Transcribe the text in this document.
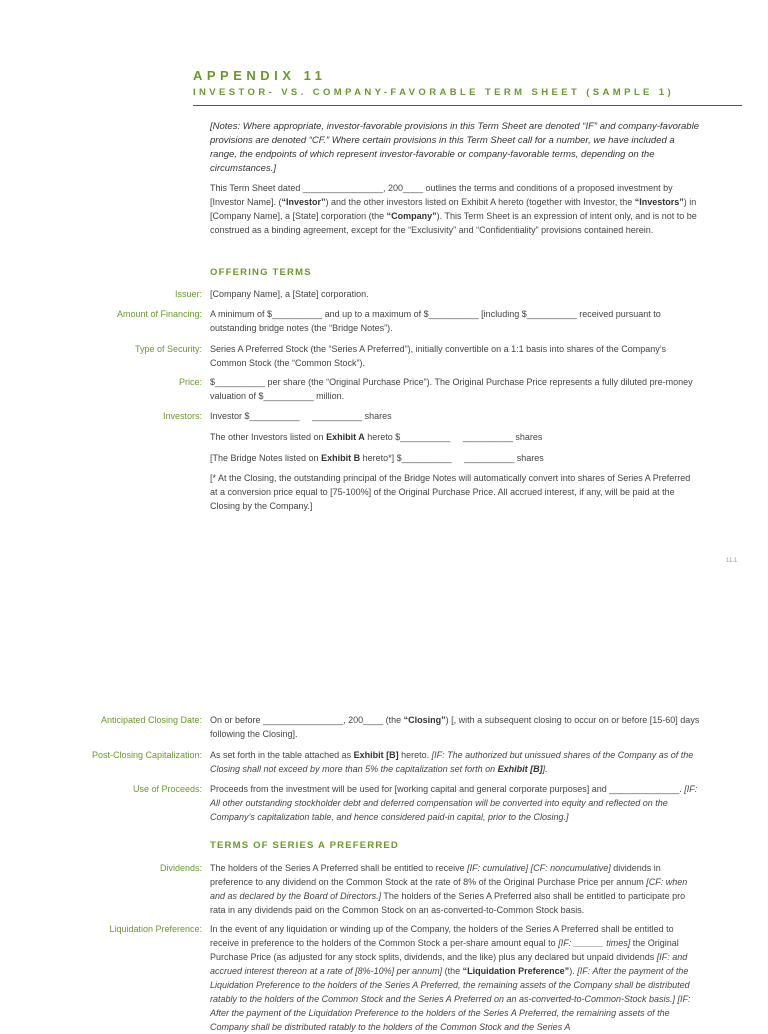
APPENDIX 11
INVESTOR- VS. COMPANY-FAVORABLE TERM SHEET (SAMPLE 1)

[Notes: Where appropriate, investor-favorable provisions in this Term Sheet are denoted “IF” and company-favorable provisions are denoted “CF.” Where certain provisions in this Term Sheet call for a number, we have included a range, the endpoints of which represent investor-favorable or company-favorable terms, depending on the circumstances.]

This Term Sheet dated ________________, 200____ outlines the terms and conditions of a proposed investment by [Investor Name]. (“Investor”) and the other investors listed on Exhibit A hereto (together with Investor, the “Investors”) in [Company Name], a [State] corporation (the “Company”). This Term Sheet is an expression of intent only, and is not to be construed as a binding agreement, except for the “Exclusivity” and “Confidentiality” provisions contained herein.

OFFERING TERMS
Issuer: [Company Name], a [State] corporation.
Amount of Financing: A minimum of $__________ and up to a maximum of $__________ [including $__________ received pursuant to outstanding bridge notes (the “Bridge Notes”).
Type of Security: Series A Preferred Stock (the “Series A Preferred”), initially convertible on a 1:1 basis into shares of the Company’s Common Stock (the “Common Stock”).
Price: $__________ per share (the “Original Purchase Price”). The Original Purchase Price represents a fully diluted pre-money valuation of $__________ million.
Investors: Investor $__________     __________ shares
The other Investors listed on Exhibit A hereto $__________     __________ shares
[The Bridge Notes listed on Exhibit B hereto*] $__________     __________ shares
[* At the Closing, the outstanding principal of the Bridge Notes will automatically convert into shares of Series A Preferred at a conversion price equal to [75-100%] of the Original Purchase Price. All accrued interest, if any, will be paid at the Closing by the Company.]
11.1
Anticipated Closing Date: On or before ________________, 200____ (the “Closing”) [, with a subsequent closing to occur on or before [15-60] days following the Closing].
Post-Closing Capitalization: As set forth in the table attached as Exhibit [B] hereto. [IF: The authorized but unissued shares of the Company as of the Closing shall not exceed by more than 5% the capitalization set forth on Exhibit [B]].
Use of Proceeds: Proceeds from the investment will be used for [working capital and general corporate purposes] and ______________. [IF: All other outstanding stockholder debt and deferred compensation will be converted into equity and reflected on the Company’s capitalization table, and hence considered paid-in capital, prior to the Closing.]
TERMS OF SERIES A PREFERRED
Dividends: The holders of the Series A Preferred shall be entitled to receive [IF: cumulative] [CF: noncumulative] dividends in preference to any dividend on the Common Stock at the rate of 8% of the Original Purchase Price per annum [CF: when and as declared by the Board of Directors.] The holders of the Series A Preferred also shall be entitled to participate pro rata in any dividends paid on the Common Stock on an as-converted-to-Common Stock basis.
Liquidation Preference: In the event of any liquidation or winding up of the Company, the holders of the Series A Preferred shall be entitled to receive in preference to the holders of the Common Stock a per-share amount equal to [IF: ______ times] the Original Purchase Price (as adjusted for any stock splits, dividends, and the like) plus any declared but unpaid dividends [IF: and accrued interest thereon at a rate of [8%-10%] per annum] (the “Liquidation Preference”). [IF: After the payment of the Liquidation Preference to the holders of the Series A Preferred, the remaining assets of the Company shall be distributed ratably to the holders of the Common Stock and the Series A Preferred on an as-converted-to-Common-Stock basis.] [IF: After the payment of the Liquidation Preference to the holders of the Series A Preferred, the remaining assets of the Company shall be distributed ratably to the holders of the Common Stock and the Series A
